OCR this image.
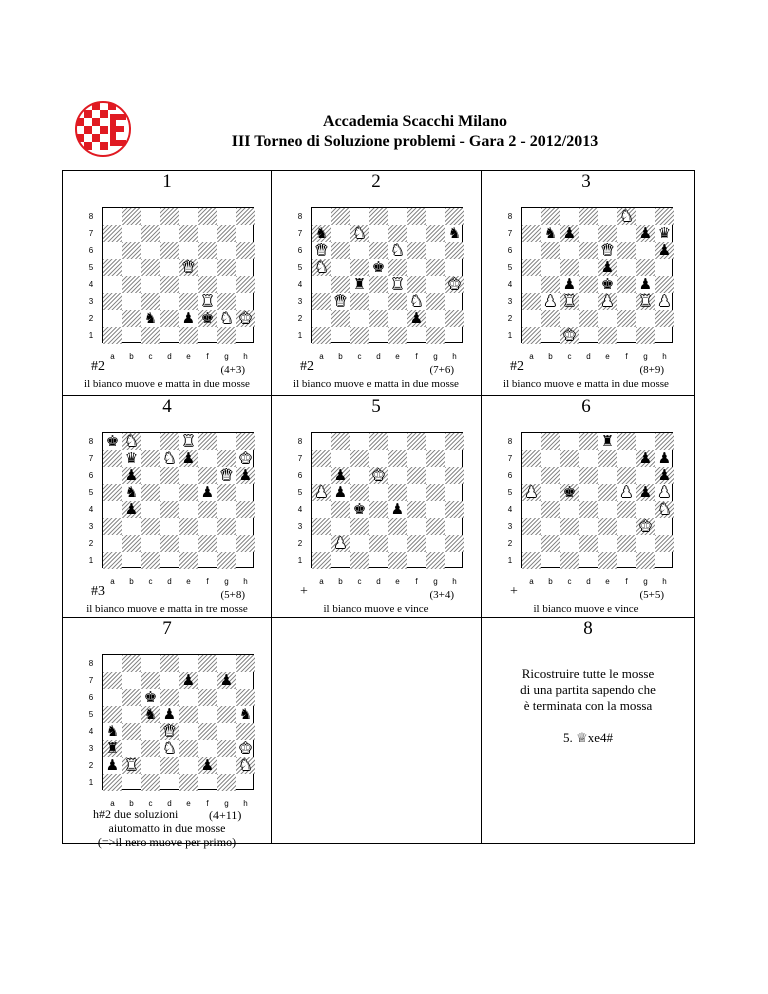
Accademia Scacchi Milano
III Torneo di Soluzione problemi - Gara 2 - 2012/2013
8
Ricostruire tutte le mosse
di una partita sapendo che
è terminata con la mossa
5. ♕xe4#
1
8
7
6
5
4
3
2
1
♛
♞ ♟ ♚
♜
♞ ♚
a	b	c	d	e	f	g	h
#2	(4+3)
il bianco muove e matta in due mosse
2
8
7
6
5
4
3
2
1
♞ ♞	♞
♛	♞
♞	♚
♜ ♜	♚
♛	♞
♟
a	b	c	d	e	f	g	h
#2	(7+6)
il bianco muove e matta in due mosse
3
8
7
6
5
4
3
2
1
♞
♞ ♟	♟ ♛
♛	♟
♟
♟ ♚ ♟
♟ ♜ ♟ ♜ ♟
♚
a	b	c	d	e	f	g	h
#2	(8+9)
il bianco muove e matta in due mosse
4
8
7
6
5
4
3
2
1
♚ ♞	♜
♛ ♞ ♟	♚
♟	♛ ♟
♞	♟
♟
a	b	c	d	e	f	g	h
#3	(5+8)
il bianco muove e matta in tre mosse
5
8
7
6
5
4
3
2
1
♟ ♚
♟ ♟
♚ ♟
♟
a	b	c	d	e	f	g	h
+	(3+4)
il bianco muove e vince
6
8
7
6
5
4
3
2
1
♜
♟ ♟
♟
♟ ♚	♟ ♟ ♟
♞
♚
a	b	c	d	e	f	g	h
+	(5+5)
il bianco muove e vince
7
8
7
6
5
4
3
2
1
♟ ♟
♚
♞ ♟	♞
♞	♛
♜	♞	♚
♟ ♜	♟ ♞
a	b	c	d	e	f	g	h
h#2 due soluzioni	(4+11)
aiutomatto in due mosse
(=>il nero muove per primo)
